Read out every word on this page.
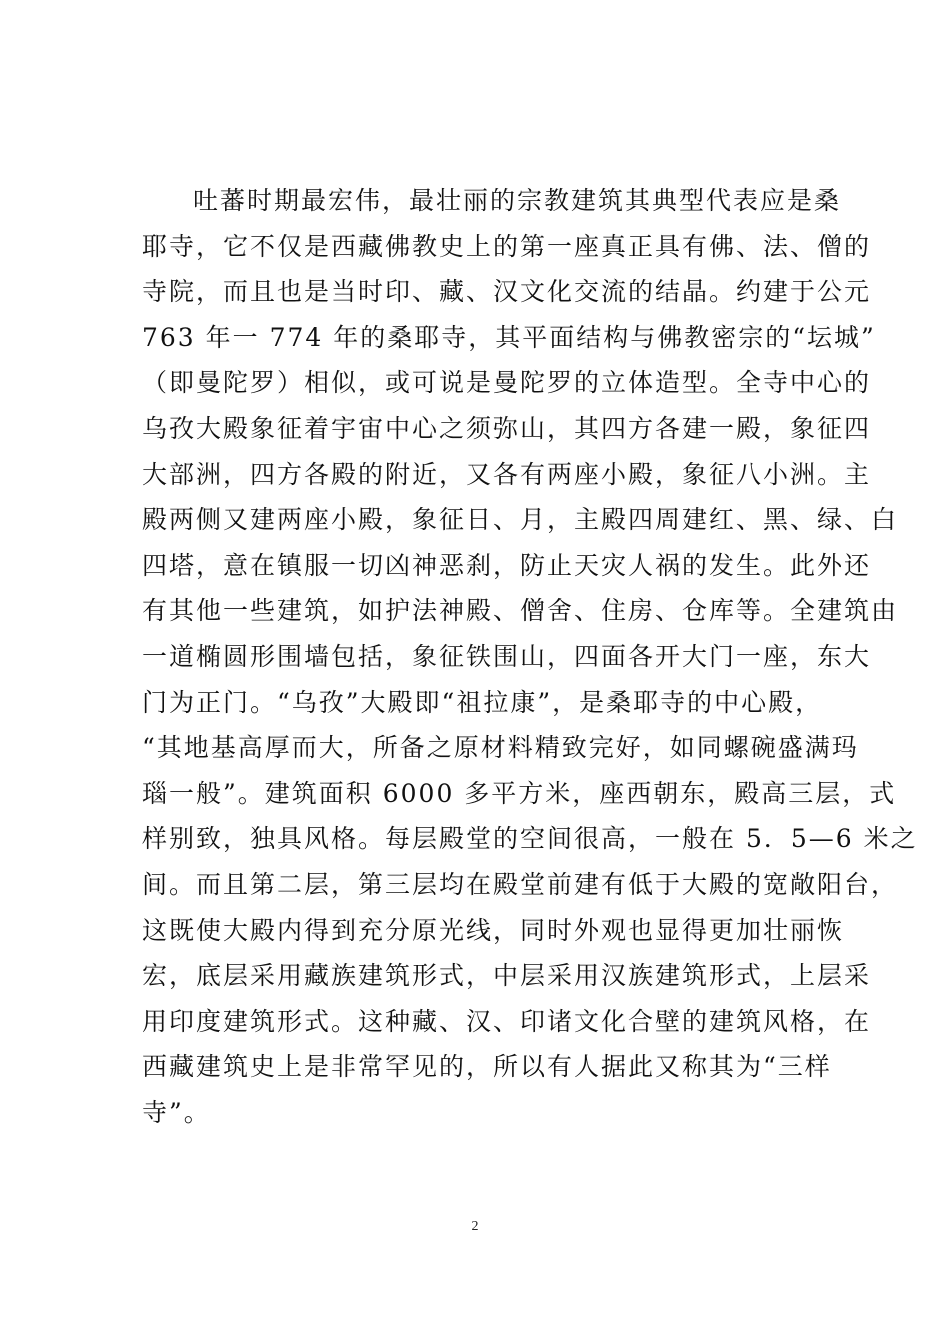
吐蕃时期最宏伟，最壮丽的宗教建筑其典型代表应是桑
耶寺，它不仅是西藏佛教史上的第一座真正具有佛、法、僧的
寺院，而且也是当时印、藏、汉文化交流的结晶。约建于公元
763 年一 774 年的桑耶寺，其平面结构与佛教密宗的“坛城”
（即曼陀罗）相似，或可说是曼陀罗的立体造型。全寺中心的
乌孜大殿象征着宇宙中心之须弥山，其四方各建一殿，象征四
大部洲，四方各殿的附近，又各有两座小殿，象征八小洲。主
殿两侧又建两座小殿，象征日、月，主殿四周建红、黑、绿、白
四塔，意在镇服一切凶神恶刹，防止天灾人祸的发生。此外还
有其他一些建筑，如护法神殿、僧舍、住房、仓库等。全建筑由
一道椭圆形围墙包括，象征铁围山，四面各开大门一座，东大
门为正门。“乌孜”大殿即“祖拉康”，是桑耶寺的中心殿，
“其地基高厚而大，所备之原材料精致完好，如同螺碗盛满玛
瑙一般”。建筑面积 6000 多平方米，座西朝东，殿高三层，式
样别致，独具风格。每层殿堂的空间很高，一般在 5．5—6 米之
间。而且第二层，第三层均在殿堂前建有低于大殿的宽敞阳台，
这既使大殿内得到充分原光线，同时外观也显得更加壮丽恢
宏，底层采用藏族建筑形式，中层采用汉族建筑形式，上层采
用印度建筑形式。这种藏、汉、印诸文化合壁的建筑风格，在
西藏建筑史上是非常罕见的，所以有人据此又称其为“三样
寺”。
2
